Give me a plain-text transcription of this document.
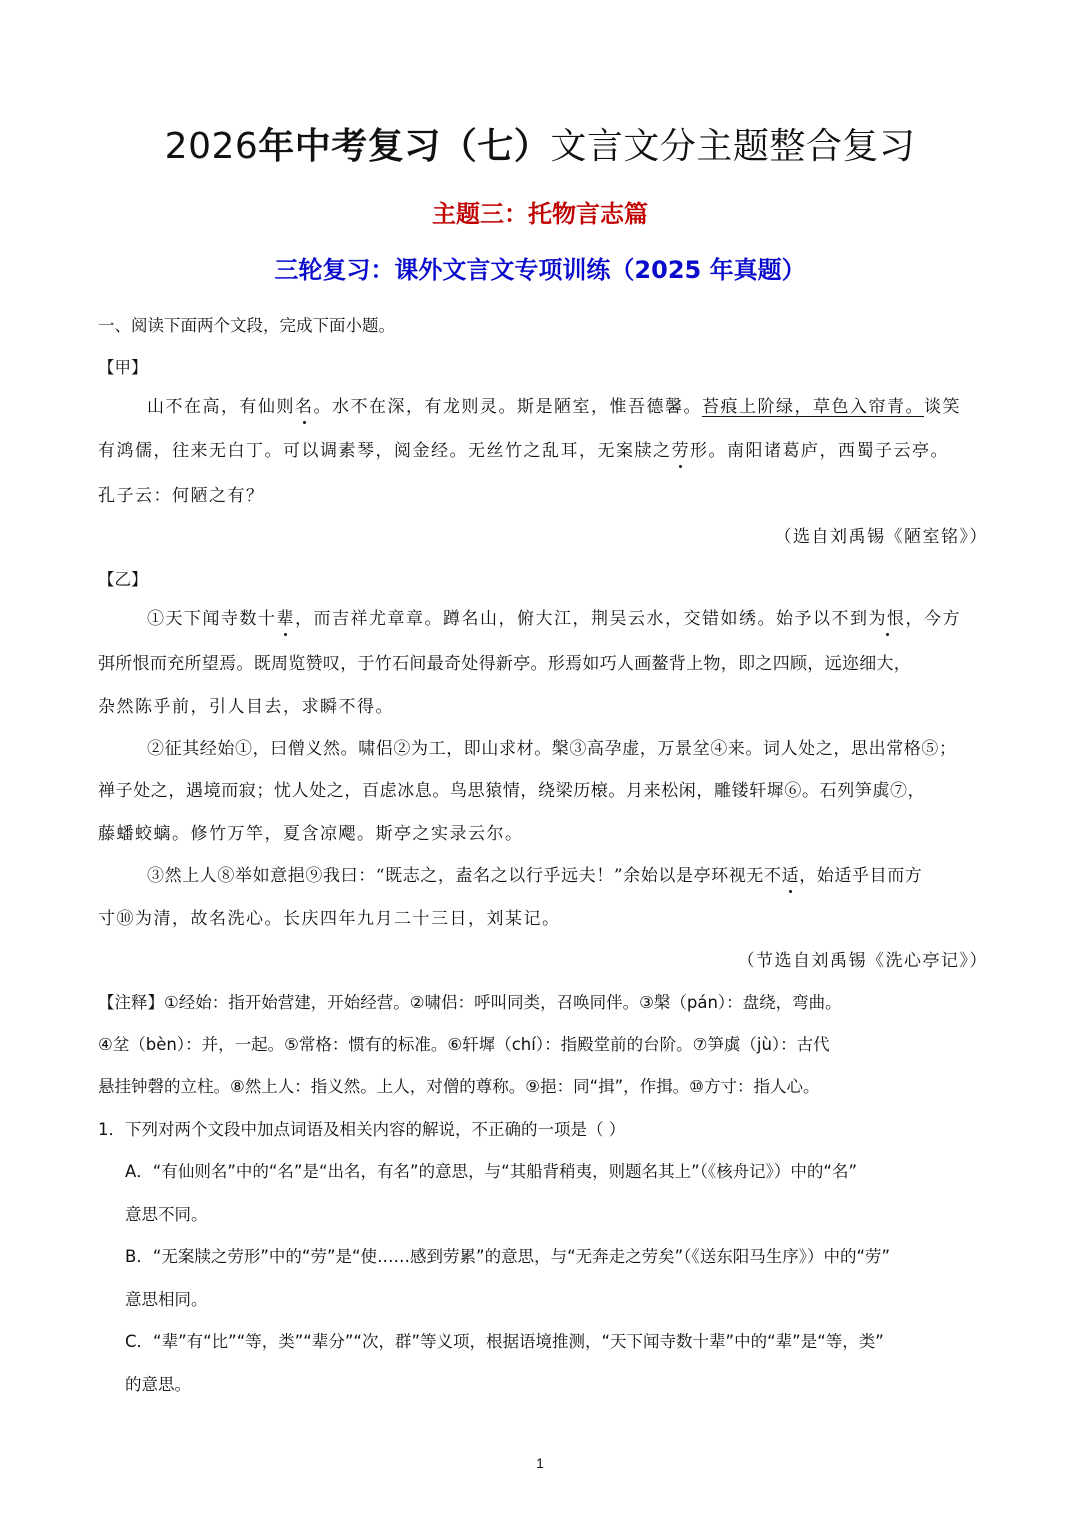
2026年中考复习（七）文言文分主题整合复习
主题三：托物言志篇
三轮复习：课外文言文专项训练（2025 年真题）
一、阅读下面两个文段，完成下面小题。
【甲】
山不在高，有仙则名。水不在深，有龙则灵。斯是陋室，惟吾德馨。苔痕上阶绿，草色入帘青。谈笑
有鸿儒，往来无白丁。可以调素琴，阅金经。无丝竹之乱耳，无案牍之劳形。南阳诸葛庐，西蜀子云亭。
孔子云：何陋之有？
（选自刘禹锡《陋室铭》）
【乙】
①天下闻寺数十辈，而吉祥尤章章。蹲名山，俯大江，荆吴云水，交错如绣。始予以不到为恨，今方
弭所恨而充所望焉。既周览赞叹，于竹石间最奇处得新亭。形焉如巧人画鳌背上物，即之四顾，远迩细大，
杂然陈乎前，引人目去，求瞬不得。
②征其经始①，曰僧义然。啸侣②为工，即山求材。槃③高孕虚，万景坌④来。词人处之，思出常格⑤；
禅子处之，遇境而寂；忧人处之，百虑冰息。鸟思猿情，绕梁历榱。月来松闲，雕镂轩墀⑥。石列笋虡⑦，
藤蟠蛟螭。修竹万竿，夏含凉飔。斯亭之实录云尔。
③然上人⑧举如意挹⑨我曰：“既志之，盍名之以行乎远夫！”余始以是亭环视无不适，始适乎目而方
寸⑩为清，故名洗心。长庆四年九月二十三日，刘某记。
（节选自刘禹锡《洗心亭记》）
【注释】①经始：指开始营建，开始经营。②啸侣：呼叫同类，召唤同伴。③槃（pán）：盘绕，弯曲。
④坌（bèn）：并，一起。⑤常格：惯有的标准。⑥轩墀（chí）：指殿堂前的台阶。⑦笋虡（jù）：古代
悬挂钟磬的立柱。⑧然上人：指义然。上人，对僧的尊称。⑨挹：同“揖”，作揖。⑩方寸：指人心。
1．下列对两个文段中加点词语及相关内容的解说，不正确的一项是（ ）
A．“有仙则名”中的“名”是“出名，有名”的意思，与“其船背稍夷，则题名其上”（《核舟记》）中的“名”
意思不同。
B．“无案牍之劳形”中的“劳”是“使……感到劳累”的意思，与“无奔走之劳矣”（《送东阳马生序》）中的“劳”
意思相同。
C．“辈”有“比”“等，类”“辈分”“次，群”等义项，根据语境推测，“天下闻寺数十辈”中的“辈”是“等，类”
的意思。
1
